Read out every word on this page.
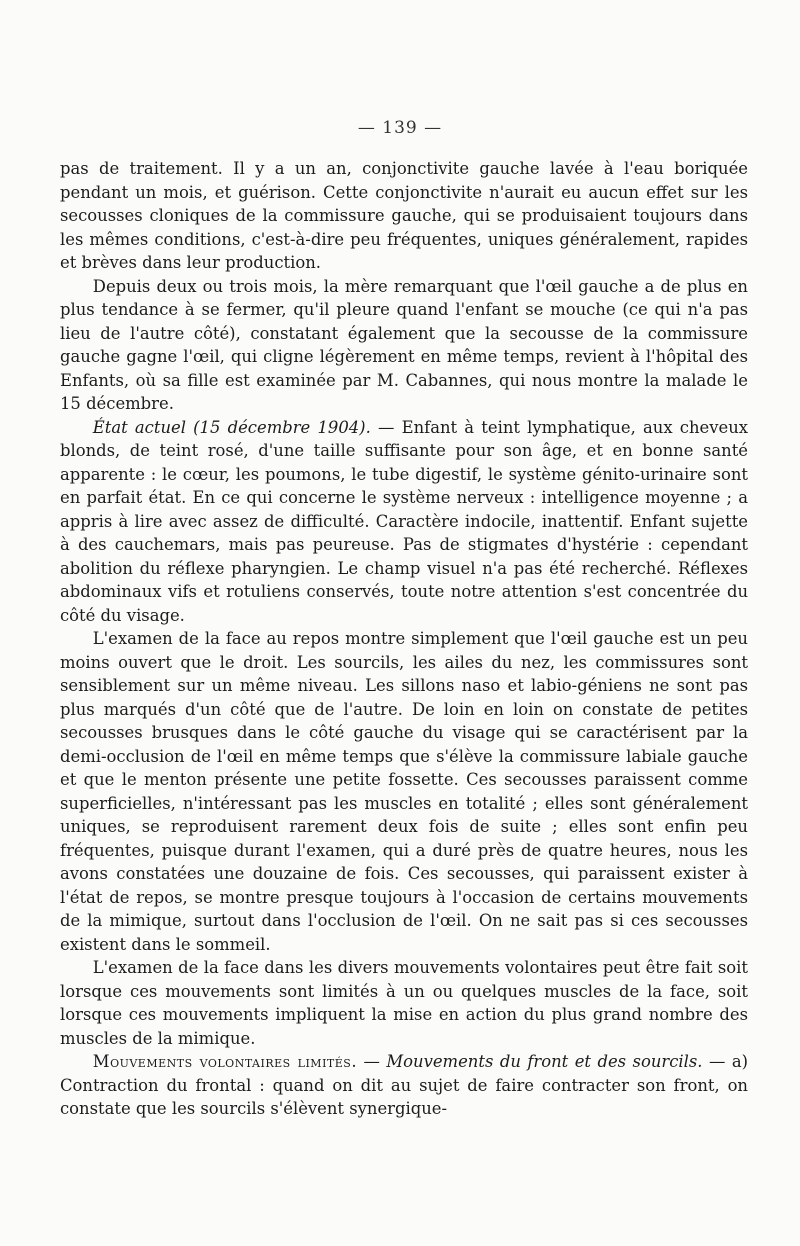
— 139 —

pas de traitement. Il y a un an, conjonctivite gauche lavée à l'eau boriquée pendant un mois, et guérison. Cette conjonctivite n'aurait eu aucun effet sur les secousses cloniques de la commissure gauche, qui se produisaient toujours dans les mêmes conditions, c'est-à-dire peu fréquentes, uniques généralement, rapides et brèves dans leur production.

Depuis deux ou trois mois, la mère remarquant que l'œil gauche a de plus en plus tendance à se fermer, qu'il pleure quand l'enfant se mouche (ce qui n'a pas lieu de l'autre côté), constatant également que la secousse de la commissure gauche gagne l'œil, qui cligne légèrement en même temps, revient à l'hôpital des Enfants, où sa fille est examinée par M. Cabannes, qui nous montre la malade le 15 décembre.

État actuel (15 décembre 1904). — Enfant à teint lymphatique, aux cheveux blonds, de teint rosé, d'une taille suffisante pour son âge, et en bonne santé apparente : le cœur, les poumons, le tube digestif, le système génito-urinaire sont en parfait état. En ce qui concerne le système nerveux : intelligence moyenne ; a appris à lire avec assez de difficulté. Caractère indocile, inattentif. Enfant sujette à des cauchemars, mais pas peureuse. Pas de stigmates d'hystérie : cependant abolition du réflexe pharyngien. Le champ visuel n'a pas été recherché. Réflexes abdominaux vifs et rotuliens conservés, toute notre attention s'est concentrée du côté du visage.

L'examen de la face au repos montre simplement que l'œil gauche est un peu moins ouvert que le droit. Les sourcils, les ailes du nez, les commissures sont sensiblement sur un même niveau. Les sillons naso et labio-géniens ne sont pas plus marqués d'un côté que de l'autre. De loin en loin on constate de petites secousses brusques dans le côté gauche du visage qui se caractérisent par la demi-occlusion de l'œil en même temps que s'élève la commissure labiale gauche et que le menton présente une petite fossette. Ces secousses paraissent comme superficielles, n'intéressant pas les muscles en totalité ; elles sont généralement uniques, se reproduisent rarement deux fois de suite ; elles sont enfin peu fréquentes, puisque durant l'examen, qui a duré près de quatre heures, nous les avons constatées une douzaine de fois. Ces secousses, qui paraissent exister à l'état de repos, se montre presque toujours à l'occasion de certains mouvements de la mimique, surtout dans l'occlusion de l'œil. On ne sait pas si ces secousses existent dans le sommeil.

L'examen de la face dans les divers mouvements volontaires peut être fait soit lorsque ces mouvements sont limités à un ou quelques muscles de la face, soit lorsque ces mouvements impliquent la mise en action du plus grand nombre des muscles de la mimique.

Mouvements volontaires limités. — Mouvements du front et des sourcils. — a) Contraction du frontal : quand on dit au sujet de faire contracter son front, on constate que les sourcils s'élèvent synergique-
